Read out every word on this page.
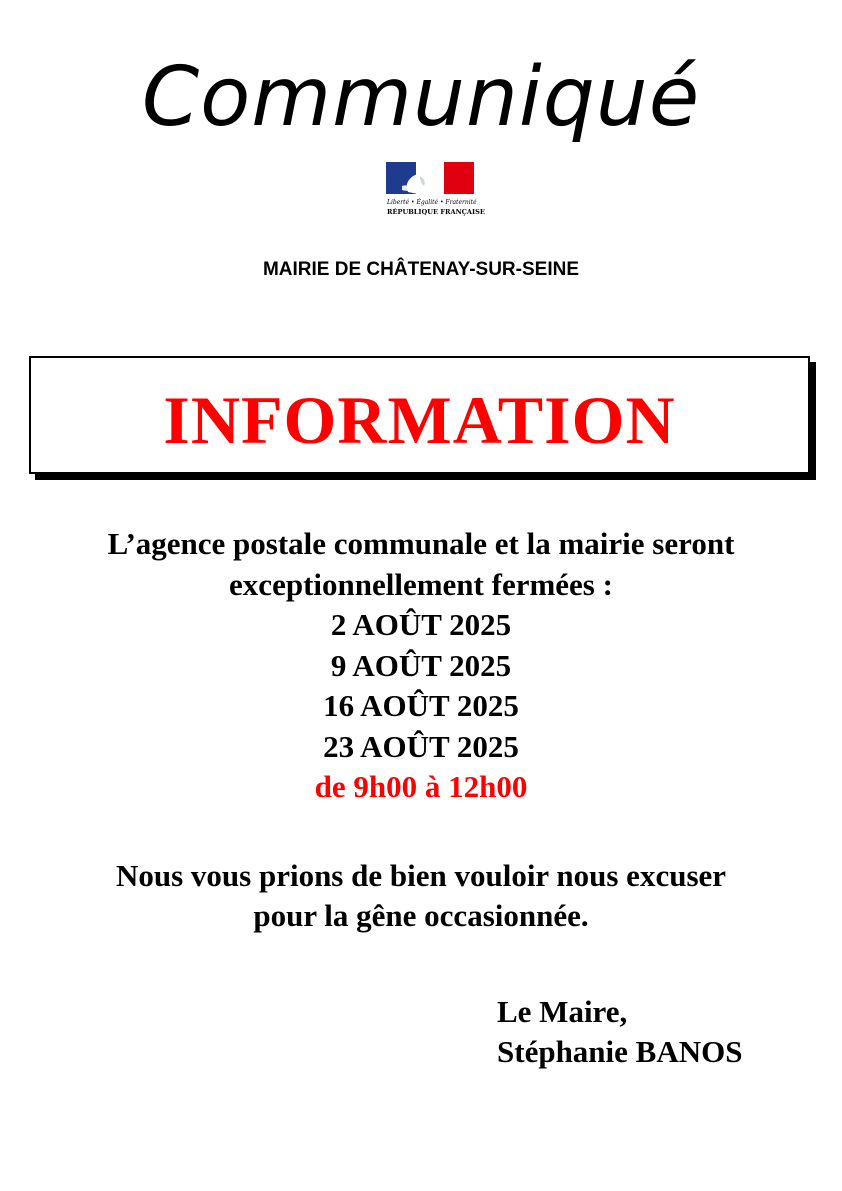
Communiqué
Liberté • Égalité • Fraternité
RÉPUBLIQUE FRANÇAISE
MAIRIE DE CHÂTENAY-SUR-SEINE
INFORMATION
L’agence postale communale et la mairie seront
exceptionnellement fermées :
2 AOÛT 2025
9 AOÛT 2025
16 AOÛT 2025
23 AOÛT 2025
de 9h00 à 12h00
Nous vous prions de bien vouloir nous excuser
pour la gêne occasionnée.
Le Maire,
Stéphanie BANOS
